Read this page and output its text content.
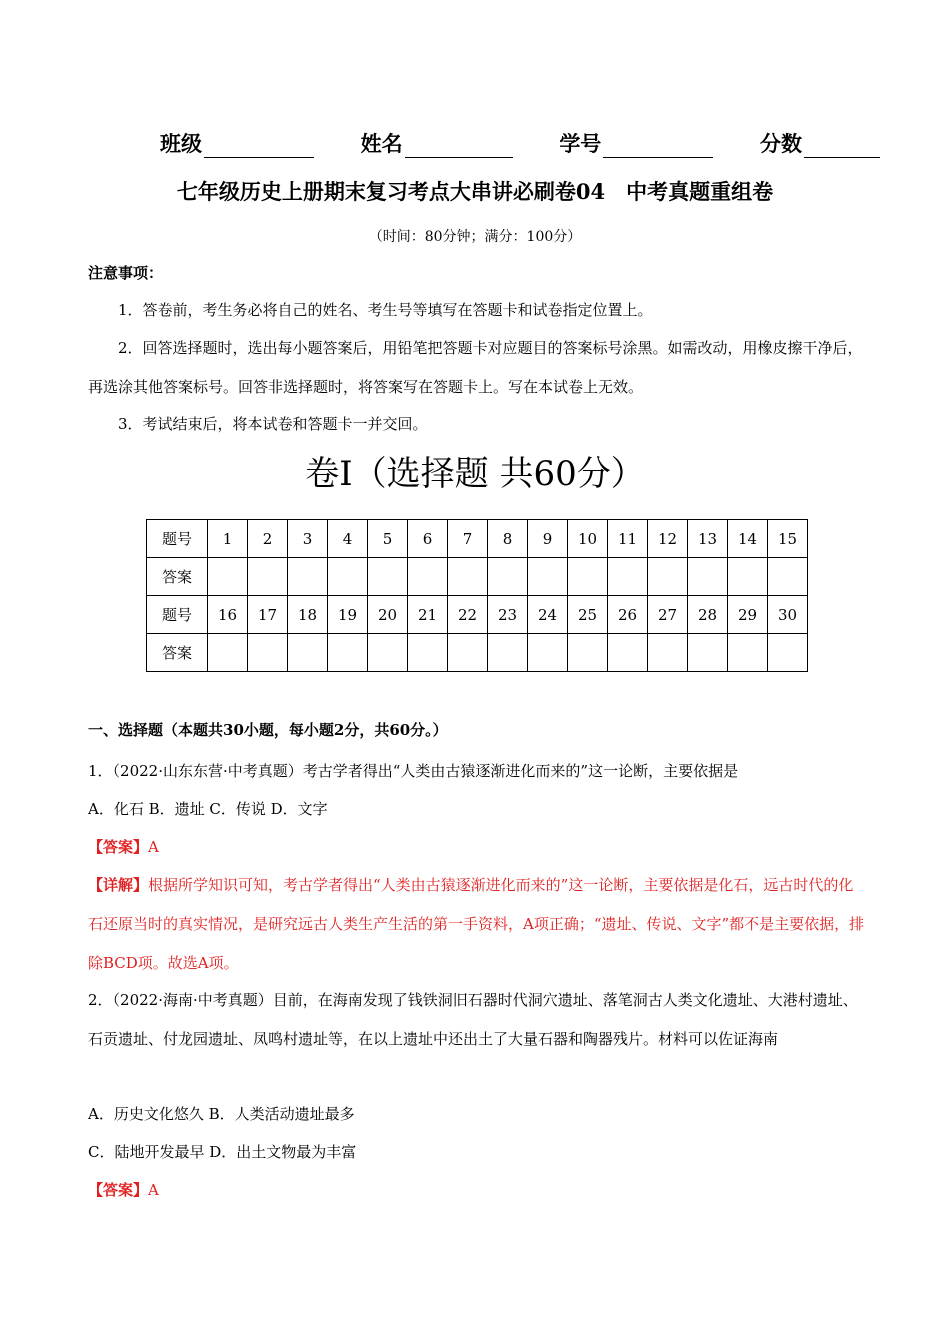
班级	姓名	学号	分数
七年级历史上册期末复习考点大串讲必刷卷04　中考真题重组卷
（时间：80分钟；满分：100分）
注意事项：
1．答卷前，考生务必将自己的姓名、考生号等填写在答题卡和试卷指定位置上。
2．回答选择题时，选出每小题答案后，用铅笔把答题卡对应题目的答案标号涂黑。如需改动，用橡皮擦干净后，再选涂其他答案标号。回答非选择题时，将答案写在答题卡上。写在本试卷上无效。
3．考试结束后，将本试卷和答题卡一并交回。
卷Ⅰ（选择题 共60分）
题号	1	2	3	4	5	6	7	8	9	10	11	12	13	14	15
答案															
题号	16	17	18	19	20	21	22	23	24	25	26	27	28	29	30
答案															
一、选择题（本题共30小题，每小题2分，共60分。）
1．（2022·山东东营·中考真题）考古学者得出“人类由古猿逐渐进化而来的”这一论断，主要依据是
A．化石 B．遗址 C．传说 D．文字
【答案】A
【详解】根据所学知识可知，考古学者得出“人类由古猿逐渐进化而来的”这一论断，主要依据是化石，远古时代的化石还原当时的真实情况，是研究远古人类生产生活的第一手资料，A项正确；“遗址、传说、文字”都不是主要依据，排除BCD项。故选A项。
2．（2022·海南·中考真题）目前，在海南发现了钱铁洞旧石器时代洞穴遗址、落笔洞古人类文化遗址、大港村遗址、石贡遗址、付龙园遗址、凤鸣村遗址等，在以上遗址中还出土了大量石器和陶器残片。材料可以佐证海南
A．历史文化悠久 B．人类活动遗址最多
C．陆地开发最早 D．出土文物最为丰富
【答案】A
